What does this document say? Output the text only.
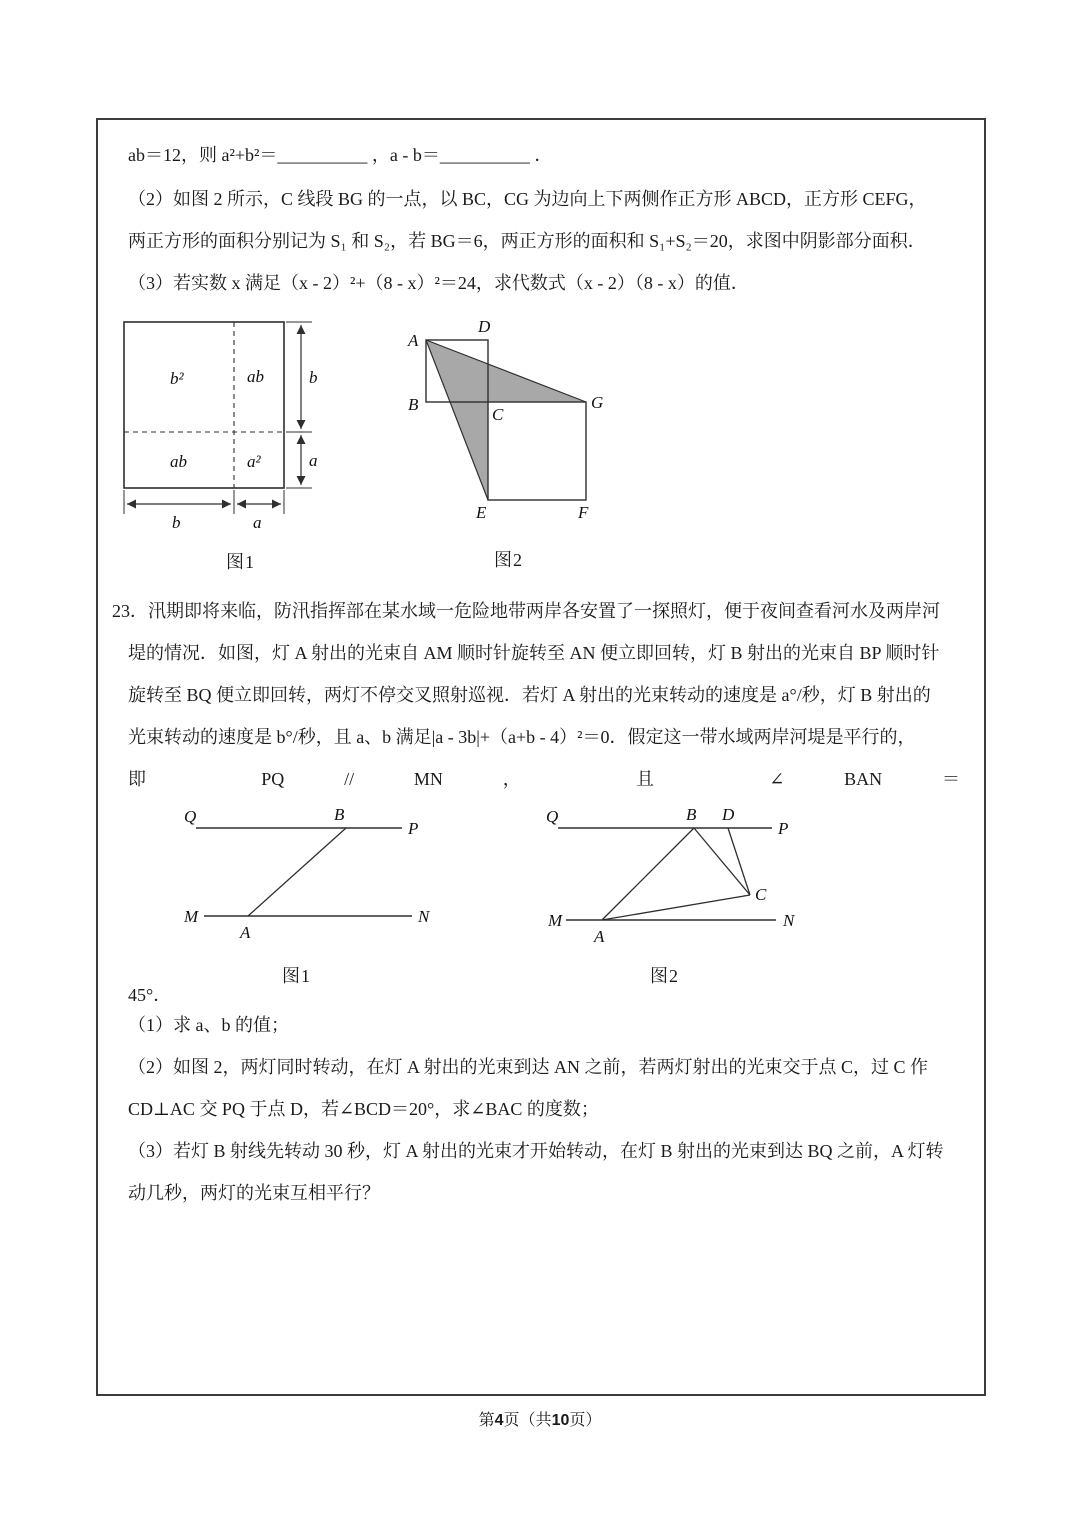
ab＝12，则 a²+b²＝__________ ，a - b＝__________ ．
（2）如图 2 所示，C 线段 BG 的一点，以 BC，CG 为边向上下两侧作正方形 ABCD，正方形 CEFG，
两正方形的面积分别记为 S₁ 和 S₂，若 BG＝6，两正方形的面积和 S₁+S₂＝20，求图中阴影部分面积．
（3）若实数 x 满足（x - 2）²+（8 - x）²＝24，求代数式（x - 2）（8 - x）的值．
b²	ab
ab	a²
b
a
b	a
图1
A
D
B
C
G
E	F
图2
23．汛期即将来临，防汛指挥部在某水域一危险地带两岸各安置了一探照灯，便于夜间查看河水及两岸河
堤的情况．如图，灯 A 射出的光束自 AM 顺时针旋转至 AN 便立即回转，灯 B 射出的光束自 BP 顺时针
旋转至 BQ 便立即回转，两灯不停交叉照射巡视．若灯 A 射出的光束转动的速度是 a°/秒，灯 B 射出的
光束转动的速度是 b°/秒，且 a、b 满足|a - 3b|+（a+b - 4）²＝0．假定这一带水域两岸河堤是平行的，
即 PQ // MN ， 且 ∠ BAN ＝
Q	B
P
M
A
N
图1
Q	B D
P
M
A
N
C
图2
45°．
（1）求 a、b 的值；
（2）如图 2，两灯同时转动，在灯 A 射出的光束到达 AN 之前，若两灯射出的光束交于点 C，过 C 作
CD⊥AC 交 PQ 于点 D，若∠BCD＝20°，求∠BAC 的度数；
（3）若灯 B 射线先转动 30 秒，灯 A 射出的光束才开始转动，在灯 B 射出的光束到达 BQ 之前，A 灯转
动几秒，两灯的光束互相平行？
第4页（共10页）
